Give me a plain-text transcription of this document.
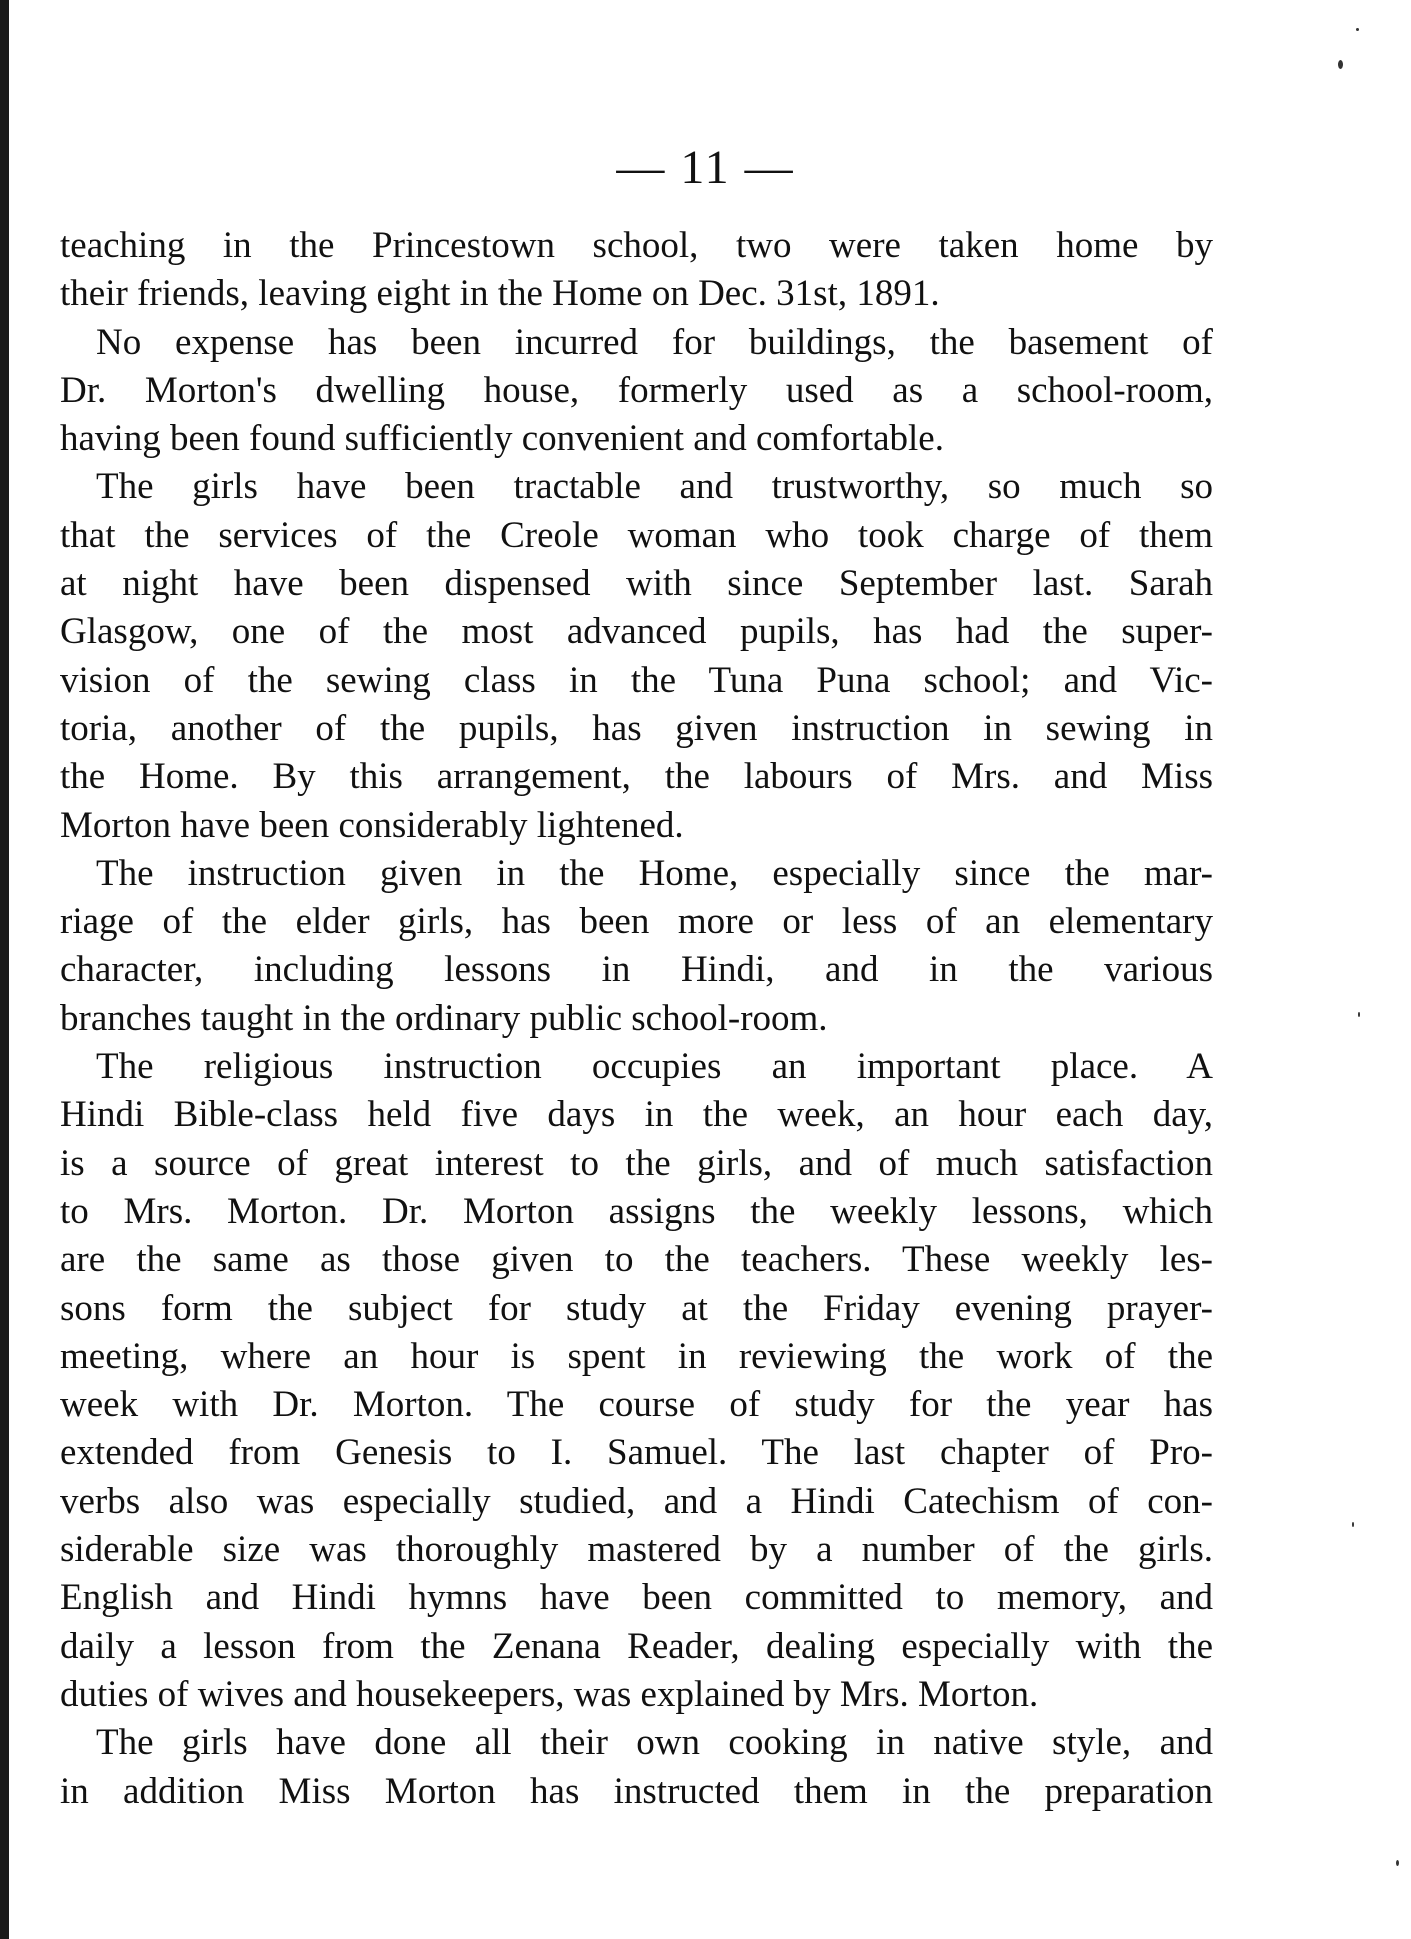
— 11 —
teaching in the Princestown school, two were taken home by
their friends, leaving eight in the Home on Dec. 31st, 1891.
No expense has been incurred for buildings, the basement of
Dr. Morton's dwelling house, formerly used as a school-room,
having been found sufficiently convenient and comfortable.
The girls have been tractable and trustworthy, so much so
that the services of the Creole woman who took charge of them
at night have been dispensed with since September last. Sarah
Glasgow, one of the most advanced pupils, has had the super-
vision of the sewing class in the Tuna Puna school; and Vic-
toria, another of the pupils, has given instruction in sewing in
the Home. By this arrangement, the labours of Mrs. and Miss
Morton have been considerably lightened.
The instruction given in the Home, especially since the mar-
riage of the elder girls, has been more or less of an elementary
character, including lessons in Hindi, and in the various
branches taught in the ordinary public school-room.
The religious instruction occupies an important place. A
Hindi Bible-class held five days in the week, an hour each day,
is a source of great interest to the girls, and of much satisfaction
to Mrs. Morton. Dr. Morton assigns the weekly lessons, which
are the same as those given to the teachers. These weekly les-
sons form the subject for study at the Friday evening prayer-
meeting, where an hour is spent in reviewing the work of the
week with Dr. Morton. The course of study for the year has
extended from Genesis to I. Samuel. The last chapter of Pro-
verbs also was especially studied, and a Hindi Catechism of con-
siderable size was thoroughly mastered by a number of the girls.
English and Hindi hymns have been committed to memory, and
daily a lesson from the Zenana Reader, dealing especially with the
duties of wives and housekeepers, was explained by Mrs. Morton.
The girls have done all their own cooking in native style, and
in addition Miss Morton has instructed them in the preparation
